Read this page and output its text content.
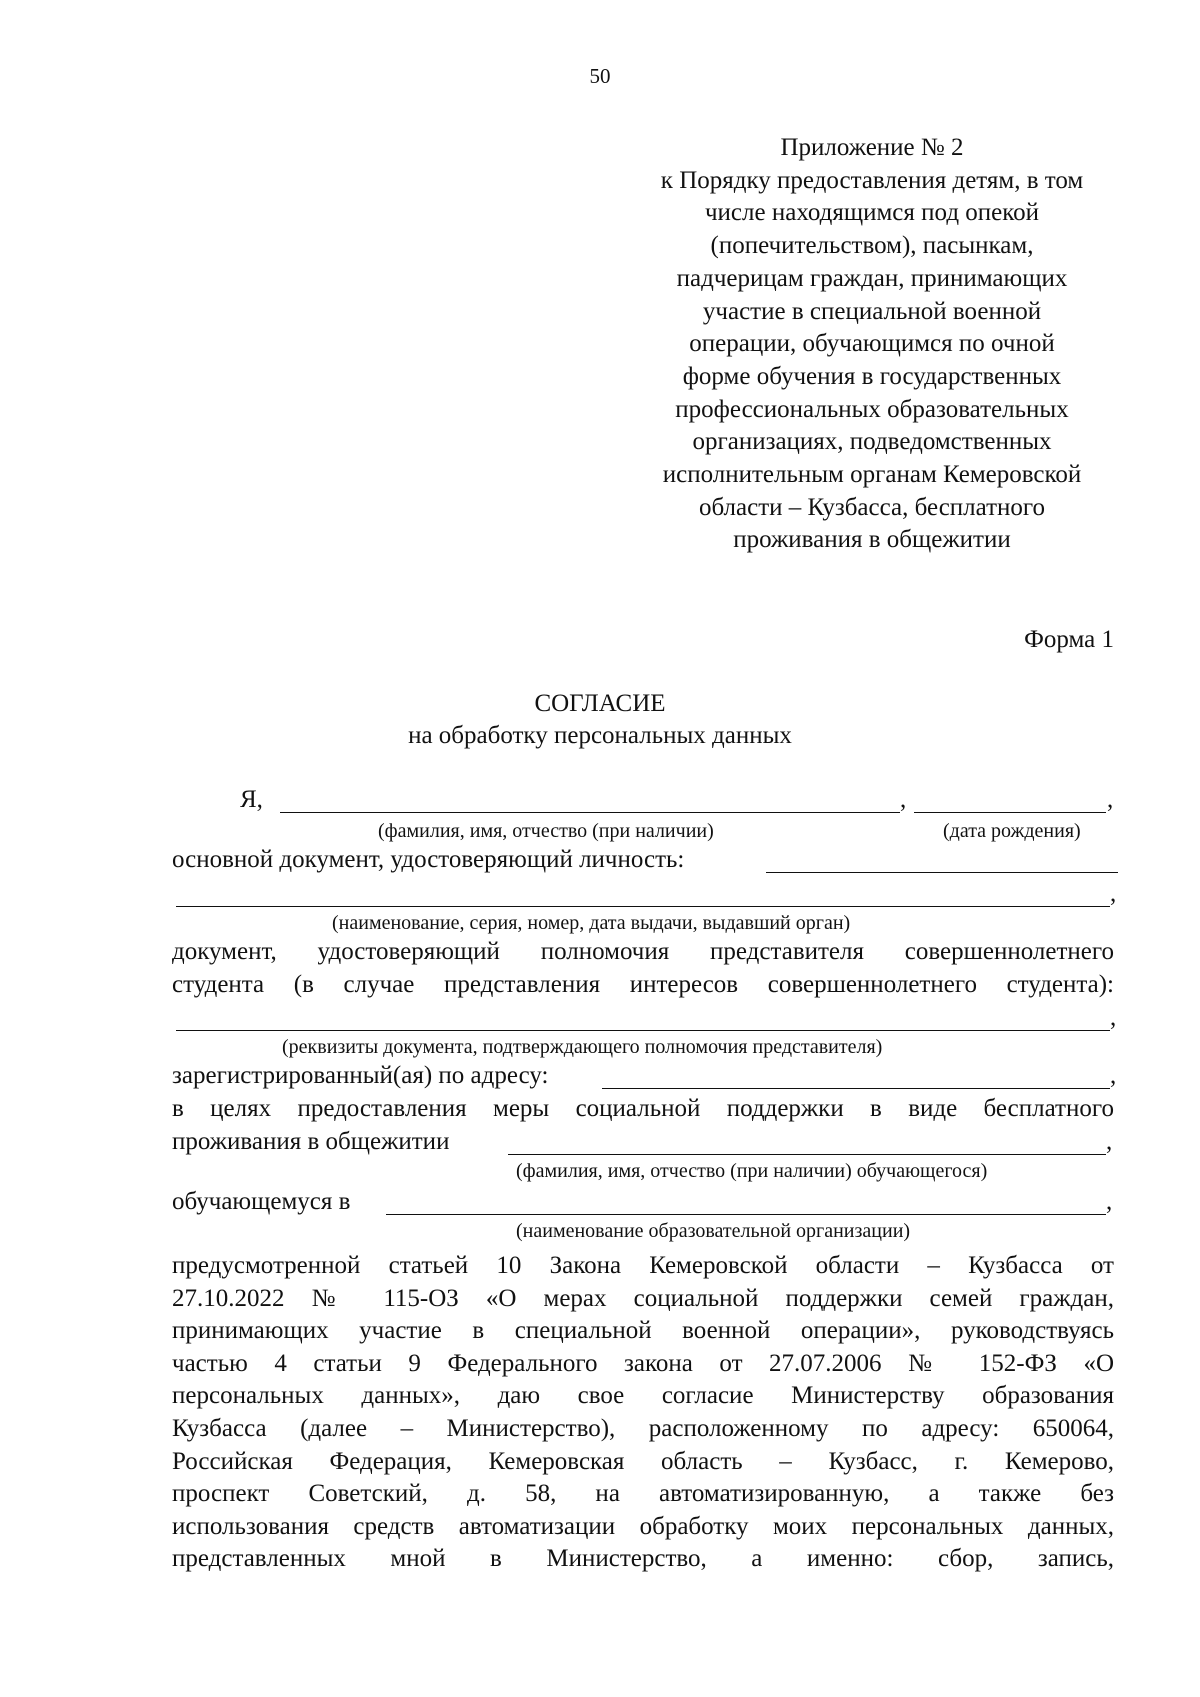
50
Приложение № 2
к Порядку предоставления детям, в том
числе находящимся под опекой
(попечительством), пасынкам,
падчерицам граждан, принимающих
участие в специальной военной
операции, обучающимся по очной
форме обучения в государственных
профессиональных образовательных
организациях, подведомственных
исполнительным органам Кемеровской
области – Кузбасса, бесплатного
проживания в общежитии
Форма 1
СОГЛАСИЕ
на обработку персональных данных
Я,	,	,
(фамилия, имя, отчество (при наличии)	(дата рождения)
основной документ, удостоверяющий личность:
,
(наименование, серия, номер, дата выдачи, выдавший орган)
документ, удостоверяющий полномочия представителя совершеннолетнего
студента (в случае представления интересов совершеннолетнего студента):
,
(реквизиты документа, подтверждающего полномочия представителя)
зарегистрированный(ая) по адресу:	,
в целях предоставления меры социальной поддержки в виде бесплатного
проживания в общежитии	,
(фамилия, имя, отчество (при наличии) обучающегося)
обучающемуся в	,
(наименование образовательной организации)
предусмотренной статьей 10 Закона Кемеровской области – Кузбасса от
27.10.2022 № 115-ОЗ «О мерах социальной поддержки семей граждан,
принимающих участие в специальной военной операции», руководствуясь
частью 4 статьи 9 Федерального закона от 27.07.2006 № 152-ФЗ «О
персональных данных», даю свое согласие Министерству образования
Кузбасса (далее – Министерство), расположенному по адресу: 650064,
Российская Федерация, Кемеровская область – Кузбасс, г. Кемерово,
проспект Советский, д. 58, на автоматизированную, а также без
использования средств автоматизации обработку моих персональных данных,
представленных мной в Министерство, а именно: сбор, запись,
